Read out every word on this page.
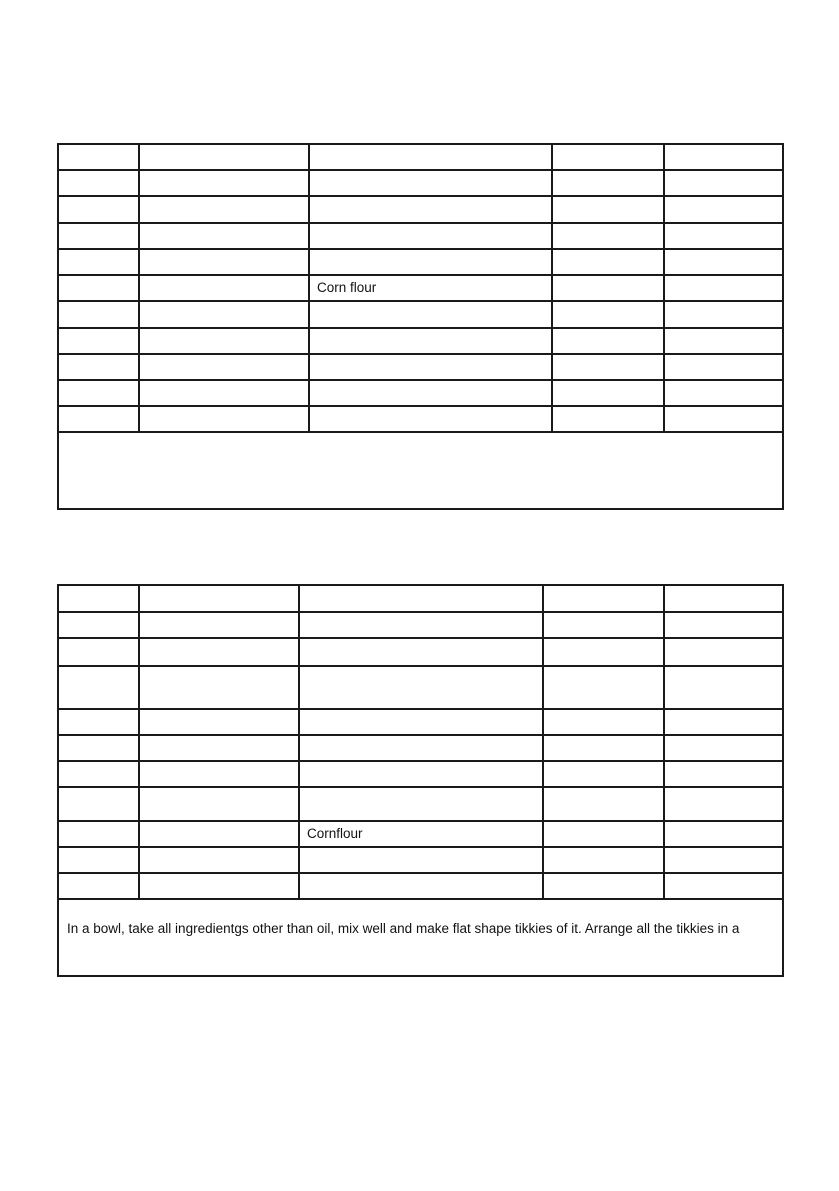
		Corn flour		

		Cornflour		

In a bowl, take all ingredientgs other than oil, mix well and make flat shape tikkies of it. Arrange all the tikkies in a				
